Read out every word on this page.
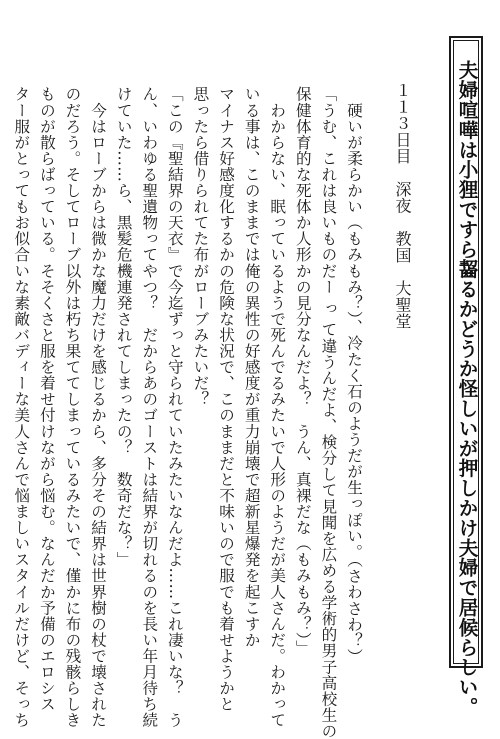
夫婦喧嘩は小狸ですら齧るかどうか怪しいが押しかけ夫婦で居候らしい。
１１３日目　深夜　教国　大聖堂

　硬いが柔らかい（もみもみ？）、冷たく石のようだが生っぽい。（さわさわ？）

「うむ、これは良いものだー っ て違うんだよ、検分して見聞を広める学術的男子高校生の

保健体育的な死体か人形かの見分なんだよ？　うん、真裸だな（もみもみ？）」

　わからない、眠っているようで死んでるみたいで人形のようだが美人さんだ。わかって

いる事は、このままでは俺の異性の好感度が重力崩壊で超新星爆発を起こすか

マイナス好感度化するかの危険な状況で、このままだと不味いので服でも着せようかと

思ったら借りられてた布がローブみたいだ？

「この『聖結界の天衣』で今迄ずっと守られていたみたいなんだよ……これ凄いな？　う

ん、いわゆる聖遺物ってやつ？　だからあのゴーストは結界が切れるのを長い年月待ち続

けていた……ら、黒髪危機連発されてしまったの？　数奇だな？」

　今はローブからは微かな魔力だけを感じるから、多分その結界は世界樹の杖で壊された

のだろう。そしてローブ以外は朽ち果ててしまっているみたいで、僅かに布の残骸らしき

ものが散らばっている。そそくさと服を着せ付けながら悩む。なんだか予備のエロシス

ター服がとってもお似合いな素敵バディーな美人さんで悩ましいスタイルだけど、そっち
